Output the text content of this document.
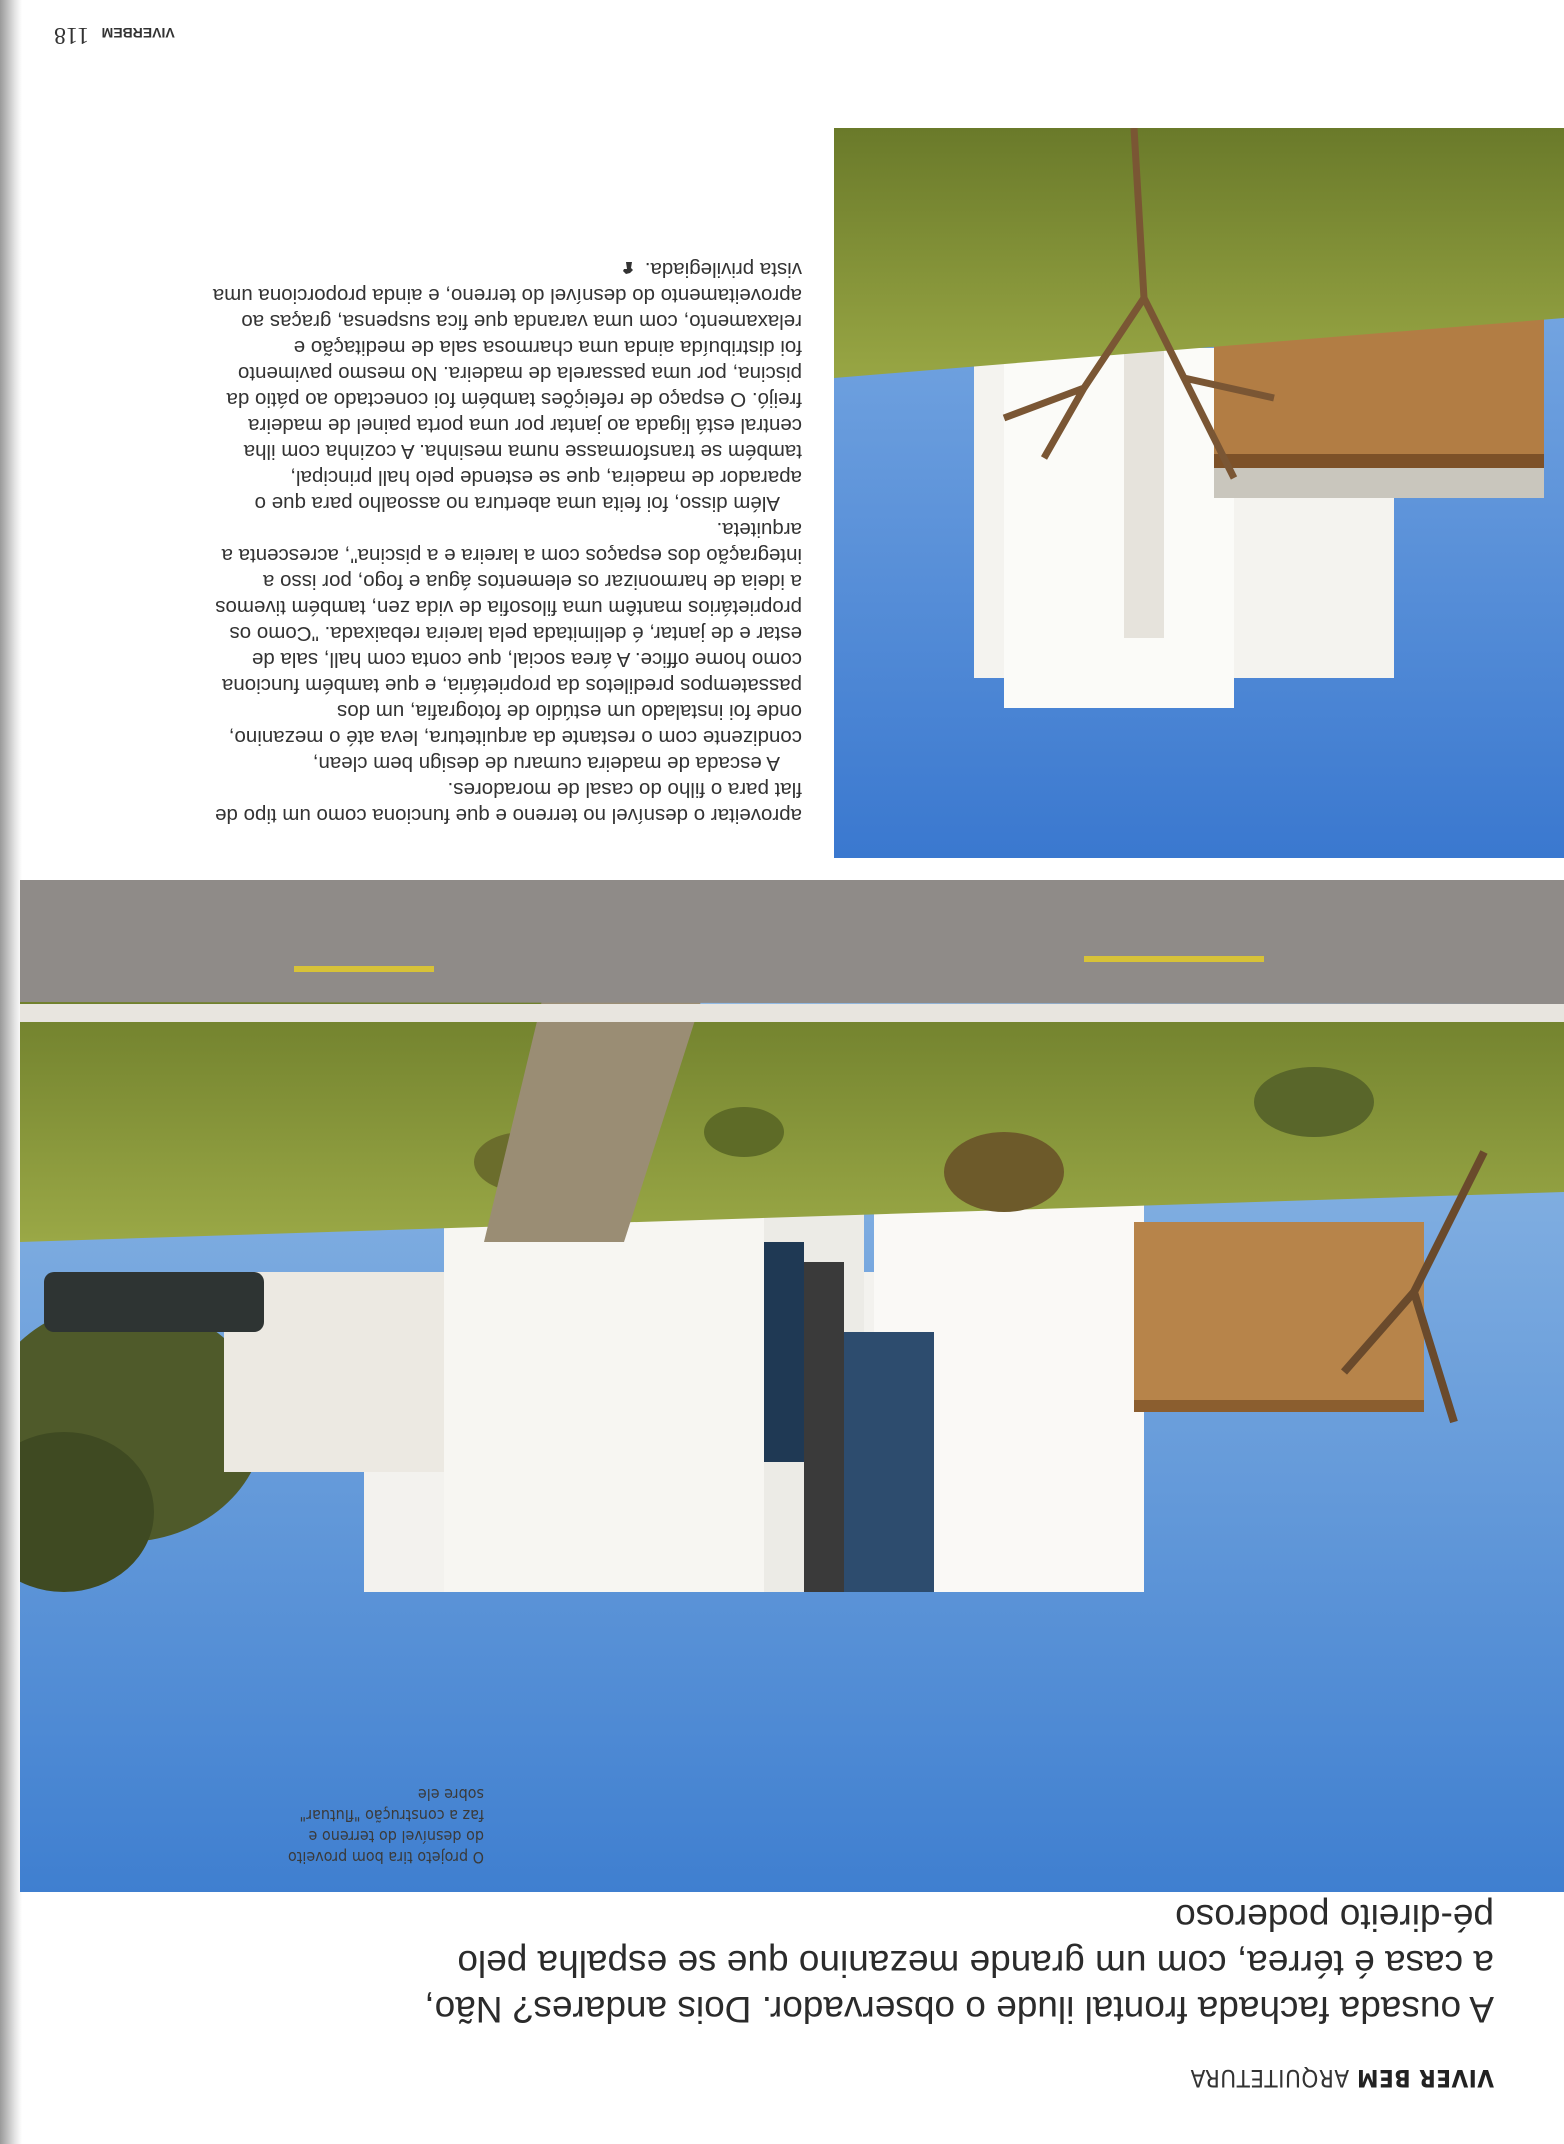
VIVER BEM ARQUITETURA
A ousada fachada frontal ilude o observador. Dois andares? Não, a casa é térrea, com um grande mezanino que se espalha pelo pé-direito poderoso
O projeto tira bom proveito do desnível do terreno e faz a construção "flutuar" sobre ele

aproveitar o desnível no terreno e que funciona como um tipo de flat para o filho do casal de moradores.

A escada de madeira cumaru de design bem clean, condizente com o restante da arquitetura, leva até o mezanino, onde foi instalado um estúdio de fotografia, um dos passatempos prediletos da proprietária, e que também funciona como home office. A área social, que conta com hall, sala de estar e de jantar, é delimitada pela lareira rebaixada. "Como os proprietários mantêm uma filosofia de vida zen, também tivemos a ideia de harmonizar os elementos água e fogo, por isso a integração dos espaços com a lareira e a piscina", acrescenta a arquiteta.

Além disso, foi feita uma abertura no assoalho para que o aparador de madeira, que se estende pelo hall principal, também se transformasse numa mesinha. A cozinha com ilha central está ligada ao jantar por uma porta painel de madeira freijó. O espaço de refeições também foi conectado ao pátio da piscina, por uma passarela de madeira. No mesmo pavimento foi distribuída ainda uma charmosa sala de meditação e relaxamento, com uma varanda que fica suspensa, graças ao aproveitamento do desnível do terreno, e ainda proporciona uma vista privilegiada.

VIVERBEM 118
